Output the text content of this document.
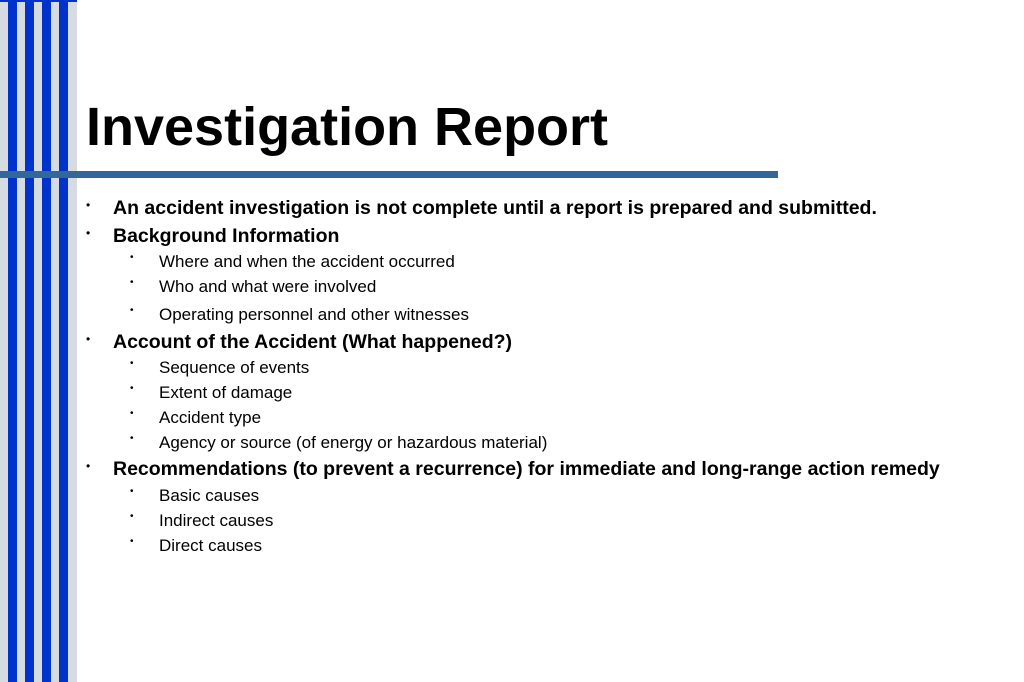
Investigation Report
• An accident investigation is not complete until a report is prepared and submitted.
• Background Information
• Where and when the accident occurred
• Who and what were involved
• Operating personnel and other witnesses
• Account of the Accident (What happened?)
• Sequence of events
• Extent of damage
• Accident type
• Agency or source (of energy or hazardous material)
• Recommendations (to prevent a recurrence) for immediate and long-range action remedy
• Basic causes
• Indirect causes
• Direct causes
